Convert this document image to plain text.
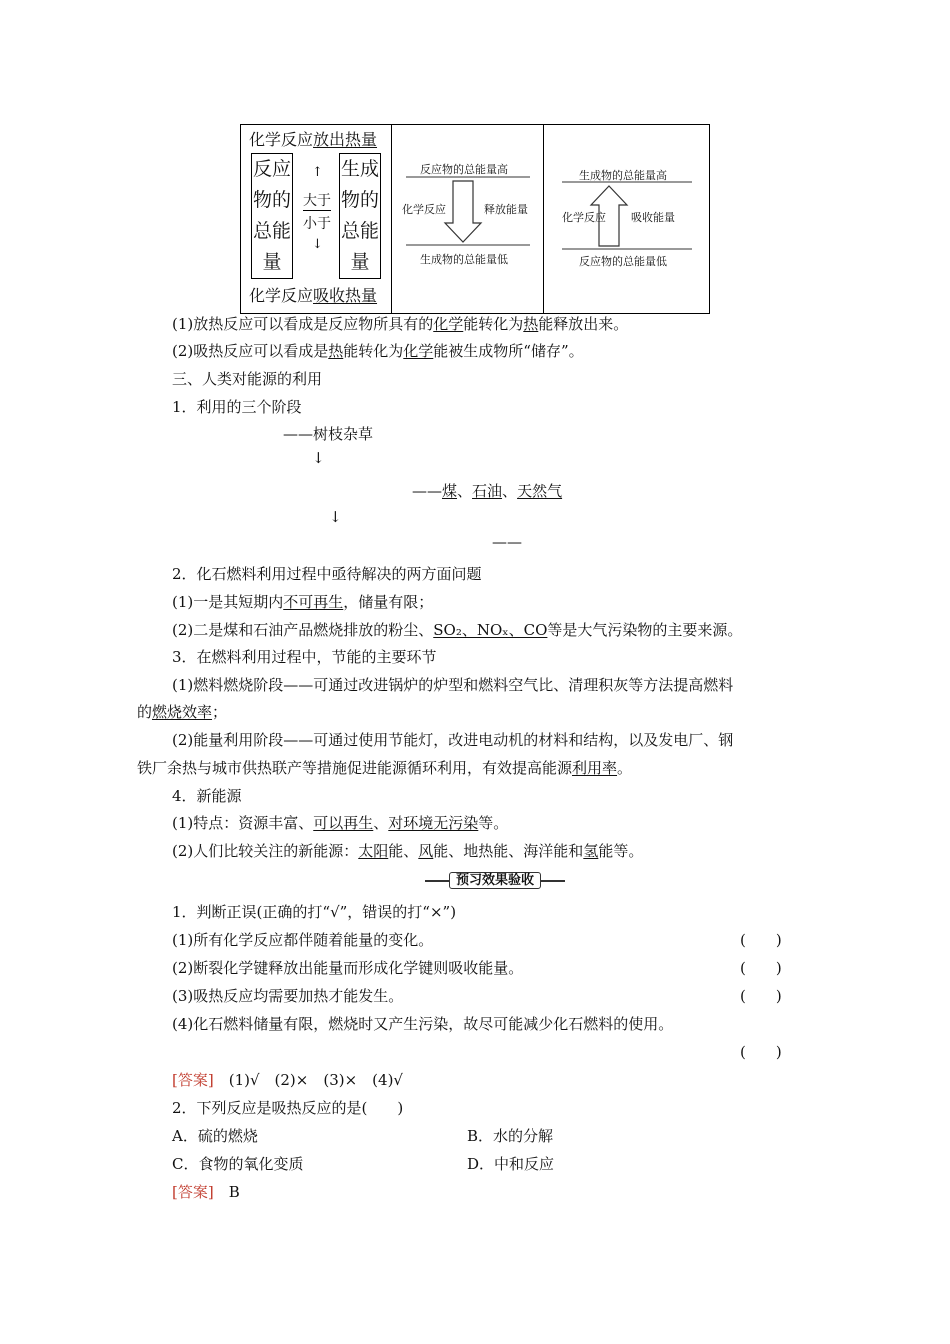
化学反应放出热量
反应
物的
总能
量
↑
大于
小于
↓
生成
物的
总能
量
化学反应吸收热量
反应物的总能量高
化学反应	释放能量
生成物的总能量低
生成物的总能量高
化学反应 吸收能量
反应物的总能量低
(1)放热反应可以看成是反应物所具有的化学能转化为热能释放出来。
(2)吸热反应可以看成是热能转化为化学能被生成物所“储存”。
三、人类对能源的利用
1．利用的三个阶段
——树枝杂草
↓
——煤、石油、天然气
↓
——
2．化石燃料利用过程中亟待解决的两方面问题
(1)一是其短期内不可再生，储量有限；
(2)二是煤和石油产品燃烧排放的粉尘、SO₂、NOₓ、CO等是大气污染物的主要来源。
3．在燃料利用过程中，节能的主要环节
(1)燃料燃烧阶段——可通过改进锅炉的炉型和燃料空气比、清理积灰等方法提高燃料
的燃烧效率；
(2)能量利用阶段——可通过使用节能灯，改进电动机的材料和结构，以及发电厂、钢
铁厂余热与城市供热联产等措施促进能源循环利用，有效提高能源利用率。
4．新能源
(1)特点：资源丰富、可以再生、对环境无污染等。
(2)人们比较关注的新能源：太阳能、风能、地热能、海洋能和氢能等。
预习效果验收
1．判断正误(正确的打“√”，错误的打“×”)
(1)所有化学反应都伴随着能量的变化。	(　　)
(2)断裂化学键释放出能量而形成化学键则吸收能量。	(　　)
(3)吸热反应均需要加热才能发生。	(　　)
(4)化石燃料储量有限，燃烧时又产生污染，故尽可能减少化石燃料的使用。
(　　)
[答案]　 (1)√　(2)×　(3)×　(4)√
2．下列反应是吸热反应的是(　　)
A．硫的燃烧	B．水的分解
C．食物的氧化变质	D．中和反应
[答案]　 B
